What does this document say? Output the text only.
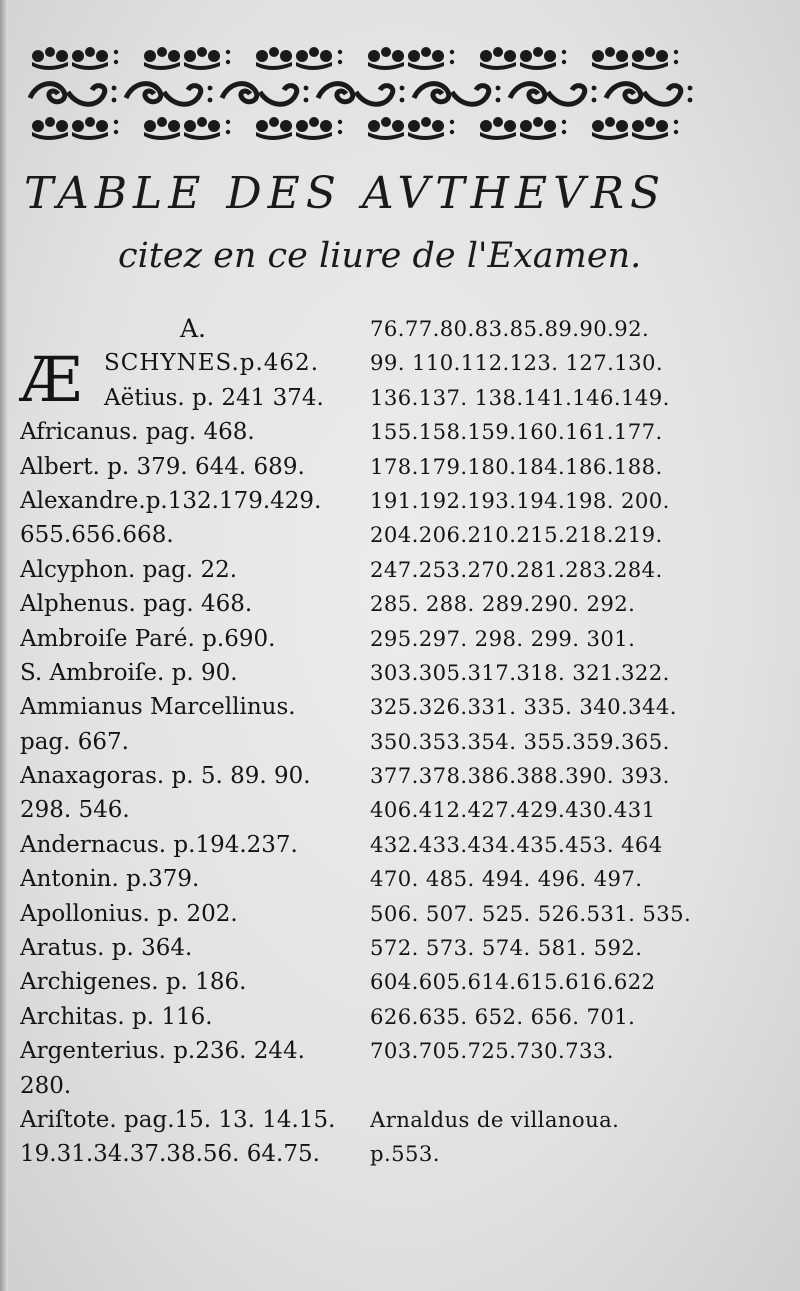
TABLE DES AVTHEVRS
citez en ce liure de l'Examen.
A.
Æ SCHYNES.p.462.
Aëtius. p. 241 374.
Africanus. pag. 468.
Albert. p. 379. 644. 689.
Alexandre.p.132.179.429.
655.656.668.
Alcyphon. pag. 22.
Alphenus. pag. 468.
Ambroiſe Paré. p.690.
S. Ambroiſe. p. 90.
Ammianus Marcellinus.
pag. 667.
Anaxagoras. p. 5. 89. 90.
298. 546.
Andernacus. p.194.237.
Antonin. p.379.
Apollonius. p. 202.
Aratus. p. 364.
Archigenes. p. 186.
Architas. p. 116.
Argenterius. p.236. 244.
280.
Ariſtote. pag.15. 13. 14.15.
19.31.34.37.38.56. 64.75.
76.77.80.83.85.89.90.92.
99. 110.112.123. 127.130.
136.137. 138.141.146.149.
155.158.159.160.161.177.
178.179.180.184.186.188.
191.192.193.194.198. 200.
204.206.210.215.218.219.
247.253.270.281.283.284.
285. 288. 289.290. 292.
295.297. 298. 299. 301.
303.305.317.318. 321.322.
325.326.331. 335. 340.344.
350.353.354. 355.359.365.
377.378.386.388.390. 393.
406.412.427.429.430.431
432.433.434.435.453. 464
470. 485. 494. 496. 497.
506. 507. 525. 526.531. 535.
572. 573. 574. 581. 592.
604.605.614.615.616.622
626.635. 652. 656. 701.
703.705.725.730.733.
Arnaldus de villanoua.
p.553.
